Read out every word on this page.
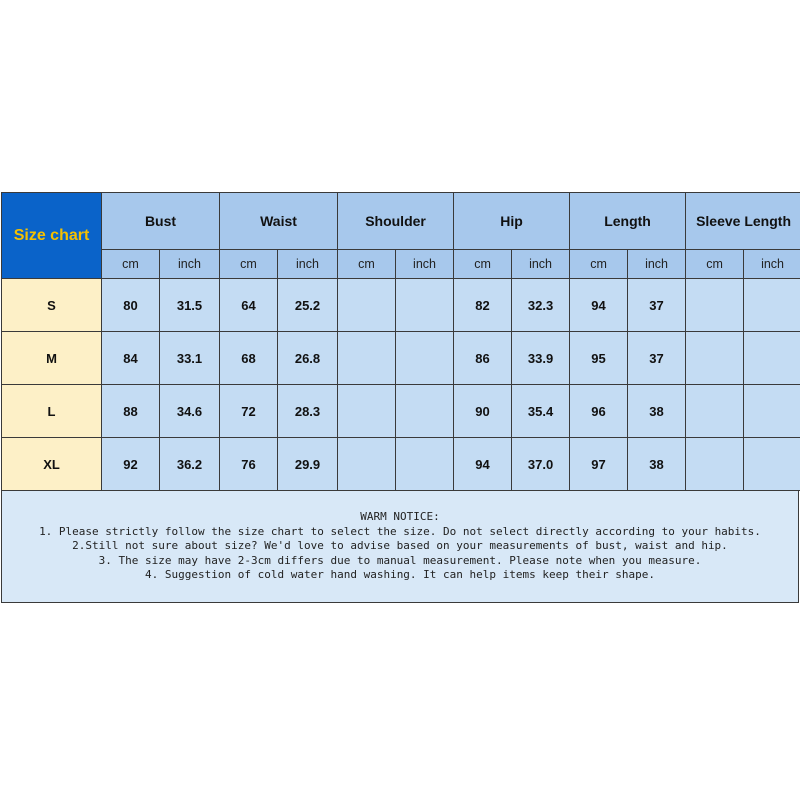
Size chart	Bust		Waist		Shoulder		Hip		Length		Sleeve Length	
	cm	inch	cm	inch	cm	inch	cm	inch	cm	inch	cm	inch
S	80	31.5	64	25.2			82	32.3	94	37		
M	84	33.1	68	26.8			86	33.9	95	37		
L	88	34.6	72	28.3			90	35.4	96	38		
XL	92	36.2	76	29.9			94	37.0	97	38		
WARM NOTICE:
1. Please strictly follow the size chart to select the size. Do not select directly according to your habits.
2.Still not sure about size? We'd love to advise based on your measurements of bust, waist and hip.
3. The size may have 2-3cm differs due to manual measurement. Please note when you measure.
4. Suggestion of cold water hand washing. It can help items keep their shape.
